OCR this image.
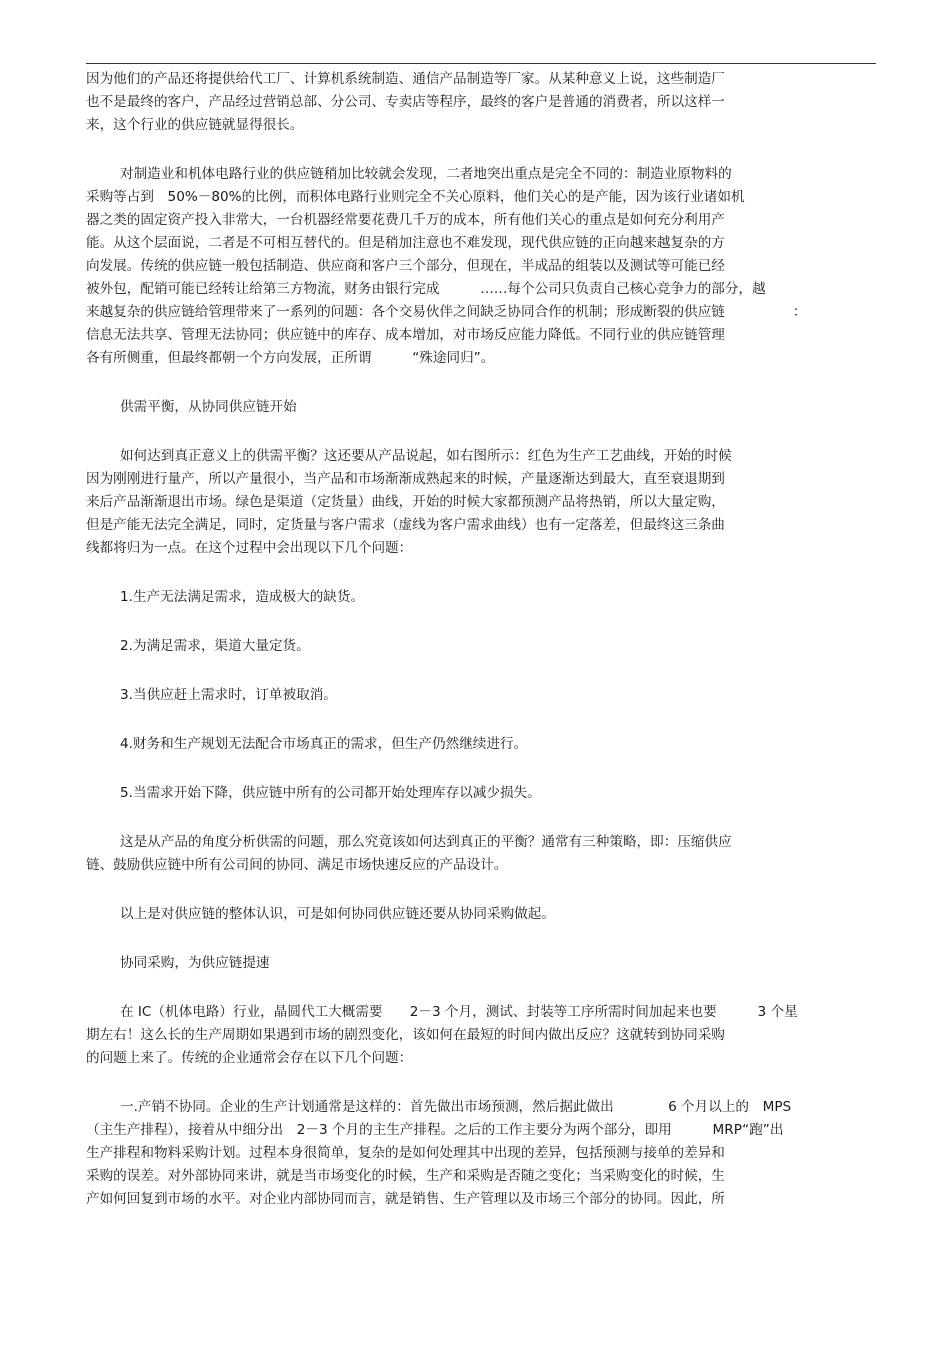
因为他们的产品还将提供给代工厂、计算机系统制造、通信产品制造等厂家。从某种意义上说，这些制造厂
也不是最终的客户，产品经过营销总部、分公司、专卖店等程序，最终的客户是普通的消费者，所以这样一
来，这个行业的供应链就显得很长。
对制造业和机体电路行业的供应链稍加比较就会发现，二者地突出重点是完全不同的：制造业原物料的
采购等占到　50%－80%的比例，而积体电路行业则完全不关心原料，他们关心的是产能，因为该行业诸如机
器之类的固定资产投入非常大，一台机器经常要花费几千万的成本，所有他们关心的重点是如何充分利用产
能。从这个层面说，二者是不可相互替代的。但是稍加注意也不难发现，现代供应链的正向越来越复杂的方
向发展。传统的供应链一般包括制造、供应商和客户三个部分，但现在，半成品的组装以及测试等可能已经
被外包，配销可能已经转让给第三方物流，财务由银行完成　　　……每个公司只负责自己核心竞争力的部分，越
来越复杂的供应链给管理带来了一系列的问题：各个交易伙伴之间缺乏协同合作的机制；形成断裂的供应链　　　　　：
信息无法共享、管理无法协同；供应链中的库存、成本增加，对市场反应能力降低。不同行业的供应链管理
各有所侧重，但最终都朝一个方向发展，正所谓　　　“殊途同归”。
供需平衡，从协同供应链开始
如何达到真正意义上的供需平衡？这还要从产品说起，如右图所示：红色为生产工艺曲线，开始的时候
因为刚刚进行量产，所以产量很小，当产品和市场渐渐成熟起来的时候，产量逐渐达到最大，直至衰退期到
来后产品渐渐退出市场。绿色是渠道（定货量）曲线，开始的时候大家都预测产品将热销，所以大量定购，
但是产能无法完全满足，同时，定货量与客户需求（虚线为客户需求曲线）也有一定落差，但最终这三条曲
线都将归为一点。在这个过程中会出现以下几个问题：
1.生产无法满足需求，造成极大的缺货。
2.为满足需求，渠道大量定货。
3.当供应赶上需求时，订单被取消。
4.财务和生产规划无法配合市场真正的需求，但生产仍然继续进行。
5.当需求开始下降，供应链中所有的公司都开始处理库存以减少损失。
这是从产品的角度分析供需的问题，那么究竟该如何达到真正的平衡？通常有三种策略，即：压缩供应
链、鼓励供应链中所有公司间的协同、满足市场快速反应的产品设计。
以上是对供应链的整体认识，可是如何协同供应链还要从协同采购做起。
协同采购，为供应链提速
在 IC（机体电路）行业，晶圆代工大概需要　　2－3 个月，测试、封装等工序所需时间加起来也要　　　3 个星
期左右！这么长的生产周期如果遇到市场的剧烈变化，该如何在最短的时间内做出反应？这就转到协同采购
的问题上来了。传统的企业通常会存在以下几个问题：
一.产销不协同。企业的生产计划通常是这样的：首先做出市场预测，然后据此做出　　　　6 个月以上的　MPS
（主生产排程），接着从中细分出　2－3 个月的主生产排程。之后的工作主要分为两个部分，即用　　　MRP“跑”出
生产排程和物料采购计划。过程本身很简单，复杂的是如何处理其中出现的差异，包括预测与接单的差异和
采购的误差。对外部协同来讲，就是当市场变化的时候，生产和采购是否随之变化；当采购变化的时候，生
产如何回复到市场的水平。对企业内部协同而言，就是销售、生产管理以及市场三个部分的协同。因此，所
